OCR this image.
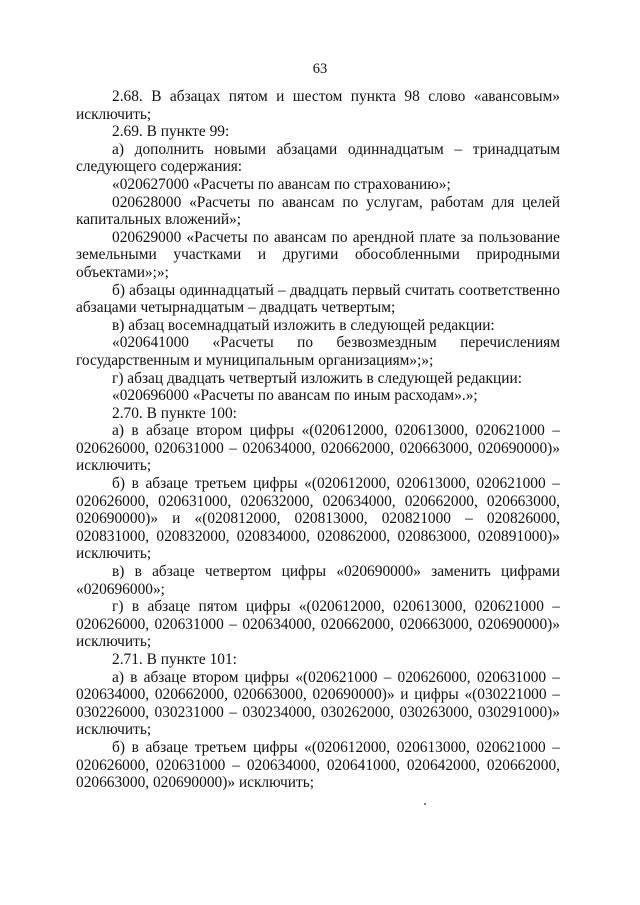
63
2.68. В абзацах пятом и шестом пункта 98 слово «авансовым»
исключить;
2.69. В пункте 99:
а) дополнить новыми абзацами одиннадцатым – тринадцатым
следующего содержания:
«020627000 «Расчеты по авансам по страхованию»;
020628000 «Расчеты по авансам по услугам, работам для целей
капитальных вложений»;
020629000 «Расчеты по авансам по арендной плате за пользование
земельными участками и другими обособленными природными
объектами»;»;
б) абзацы одиннадцатый – двадцать первый считать соответственно
абзацами четырнадцатым – двадцать четвертым;
в) абзац восемнадцатый изложить в следующей редакции:
«020641000 «Расчеты по безвозмездным перечислениям
государственным и муниципальным организациям»;»;
г) абзац двадцать четвертый изложить в следующей редакции:
«020696000 «Расчеты по авансам по иным расходам».»;
2.70. В пункте 100:
а) в абзаце втором цифры «(020612000, 020613000, 020621000 –
020626000, 020631000 – 020634000, 020662000, 020663000, 020690000)»
исключить;
б) в абзаце третьем цифры «(020612000, 020613000, 020621000 –
020626000, 020631000, 020632000, 020634000, 020662000, 020663000,
020690000)» и «(020812000, 020813000, 020821000 – 020826000,
020831000, 020832000, 020834000, 020862000, 020863000, 020891000)»
исключить;
в) в абзаце четвертом цифры «020690000» заменить цифрами
«020696000»;
г) в абзаце пятом цифры «(020612000, 020613000, 020621000 –
020626000, 020631000 – 020634000, 020662000, 020663000, 020690000)»
исключить;
2.71. В пункте 101:
а) в абзаце втором цифры «(020621000 – 020626000, 020631000 –
020634000, 020662000, 020663000, 020690000)» и цифры «(030221000 –
030226000, 030231000 – 030234000, 030262000, 030263000, 030291000)»
исключить;
б) в абзаце третьем цифры «(020612000, 020613000, 020621000 –
020626000, 020631000 – 020634000, 020641000, 020642000, 020662000,
020663000, 020690000)» исключить;
